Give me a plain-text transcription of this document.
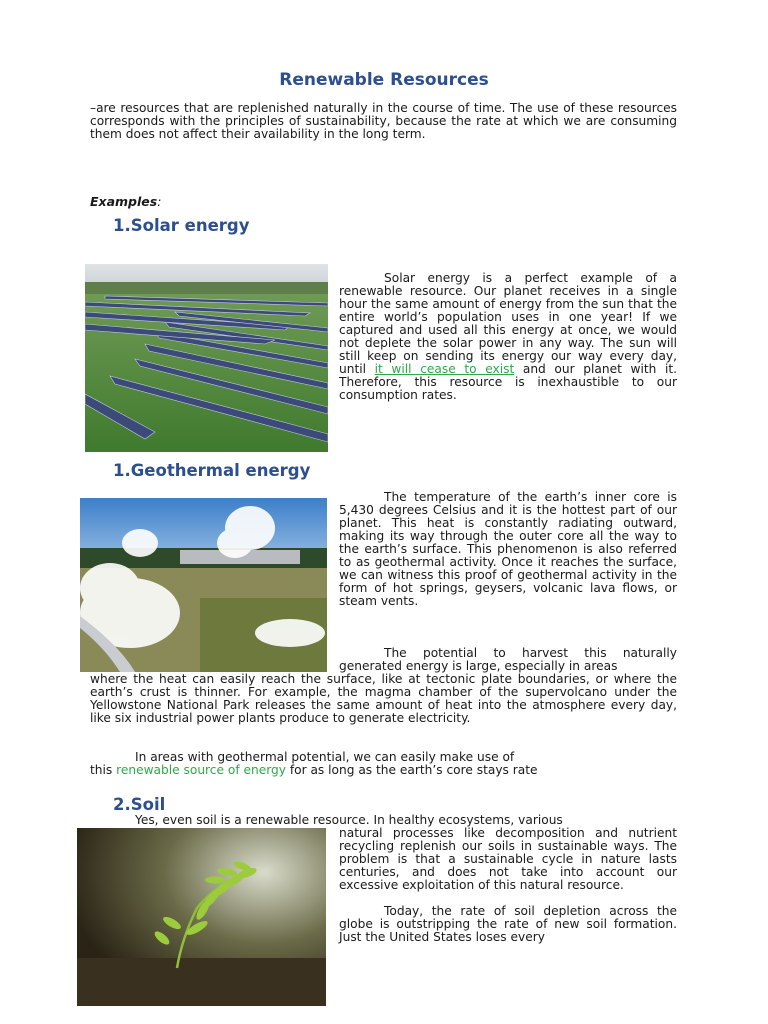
Renewable Resources

–are resources that are replenished naturally in the course of time. The use of these resources corresponds with the principles of sustainability, because the rate at which we are consuming them does not affect their availability in the long term.

Examples:
1.Solar energy

Solar energy is a perfect example of a renewable resource. Our planet receives in a single hour the same amount of energy from the sun that the entire world’s population uses in one year! If we captured and used all this energy at once, we would not deplete the solar power in any way. The sun will still keep on sending its energy our way every day, until it will cease to exist and our planet with it. Therefore, this resource is inexhaustible to our consumption rates.

1.Geothermal energy

The temperature of the earth’s inner core is 5,430 degrees Celsius and it is the hottest part of our planet. This heat is constantly radiating outward, making its way through the outer core all the way to the earth’s surface. This phenomenon is also referred to as geothermal activity. Once it reaches the surface, we can witness this proof of geothermal activity in the form of hot springs, geysers, volcanic lava flows, or steam vents.

The potential to harvest this naturally generated energy is large, especially in areas

where the heat can easily reach the surface, like at tectonic plate boundaries, or where the earth’s crust is thinner. For example, the magma chamber of the supervolcano under the Yellowstone National Park releases the same amount of heat into the atmosphere every day, like six industrial power plants produce to generate electricity.

In areas with geothermal potential, we can easily make use of

this renewable source of energy for as long as the earth’s core stays rate

2.Soil

Yes, even soil is a renewable resource. In healthy ecosystems, various

natural processes like decomposition and nutrient recycling replenish our soils in sustainable ways. The problem is that a sustainable cycle in nature lasts centuries, and does not take into account our excessive exploitation of this natural resource.

Today, the rate of soil depletion across the globe is outstripping the rate of new soil formation. Just the United States loses every
